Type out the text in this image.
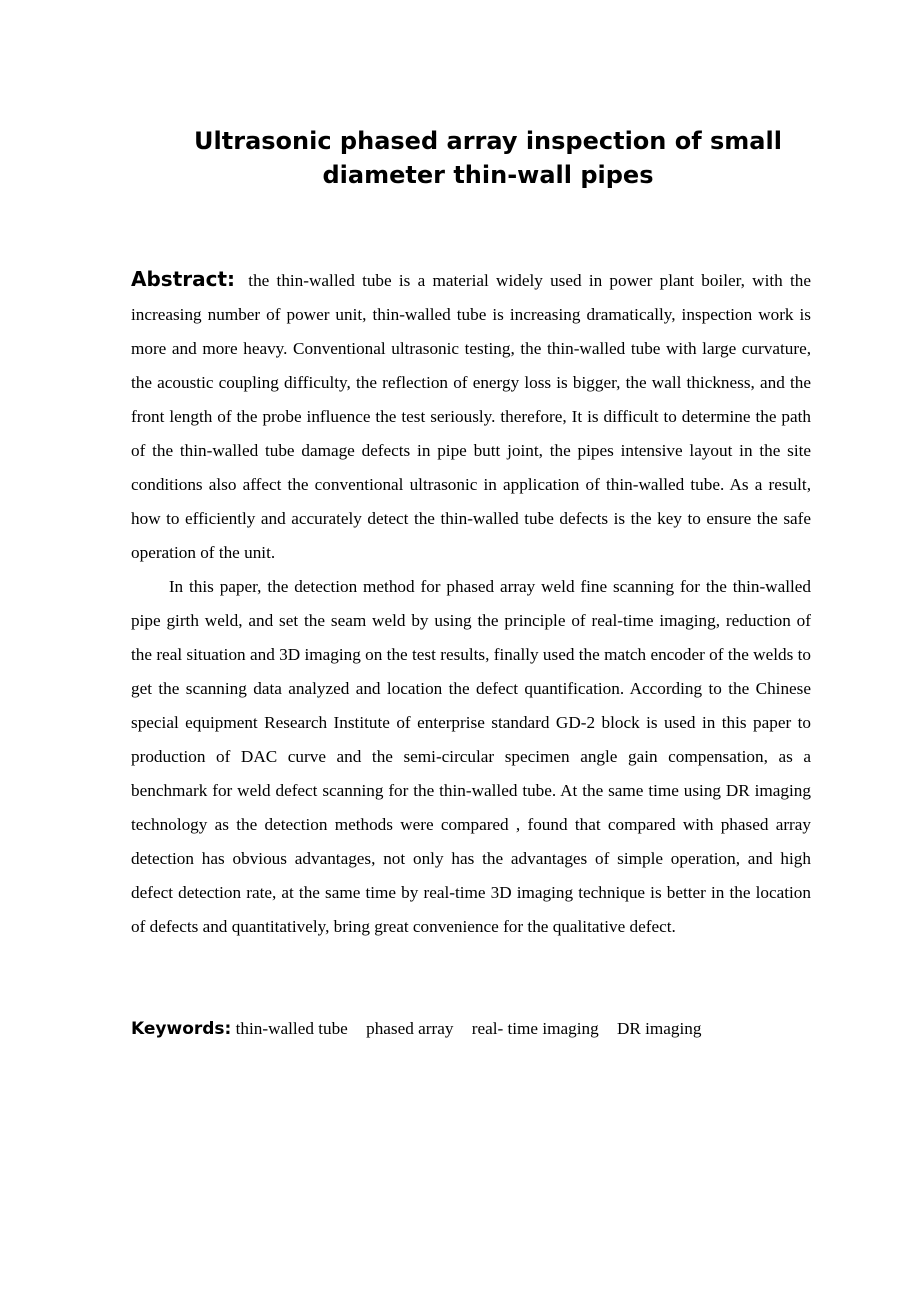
Ultrasonic phased array inspection of small
diameter thin-wall pipes

Abstract: the thin-walled tube is a material widely used in power plant boiler, with the increasing number of power unit, thin-walled tube is increasing dramatically, inspection work is more and more heavy. Conventional ultrasonic testing, the thin-walled tube with large curvature, the acoustic coupling difficulty, the reflection of energy loss is bigger, the wall thickness, and the front length of the probe influence the test seriously. therefore, It is difficult to determine the path of the thin-walled tube damage defects in pipe butt joint, the pipes intensive layout in the site conditions also affect the conventional ultrasonic in application of thin-walled tube. As a result, how to efficiently and accurately detect the thin-walled tube defects is the key to ensure the safe operation of the unit.

In this paper, the detection method for phased array weld fine scanning for the thin-walled pipe girth weld, and set the seam weld by using the principle of real-time imaging, reduction of the real situation and 3D imaging on the test results, finally used the match encoder of the welds to get the scanning data analyzed and location the defect quantification. According to the Chinese special equipment Research Institute of enterprise standard GD-2 block is used in this paper to production of DAC curve and the semi-circular specimen angle gain compensation, as a benchmark for weld defect scanning for the thin-walled tube. At the same time using DR imaging technology as the detection methods were compared , found that compared with phased array detection has obvious advantages, not only has the advantages of simple operation, and high defect detection rate, at the same time by real-time 3D imaging technique is better in the location of defects and quantitatively, bring great convenience for the qualitative defect.

Keywords: thin-walled tube phased array real- time imaging DR imaging
